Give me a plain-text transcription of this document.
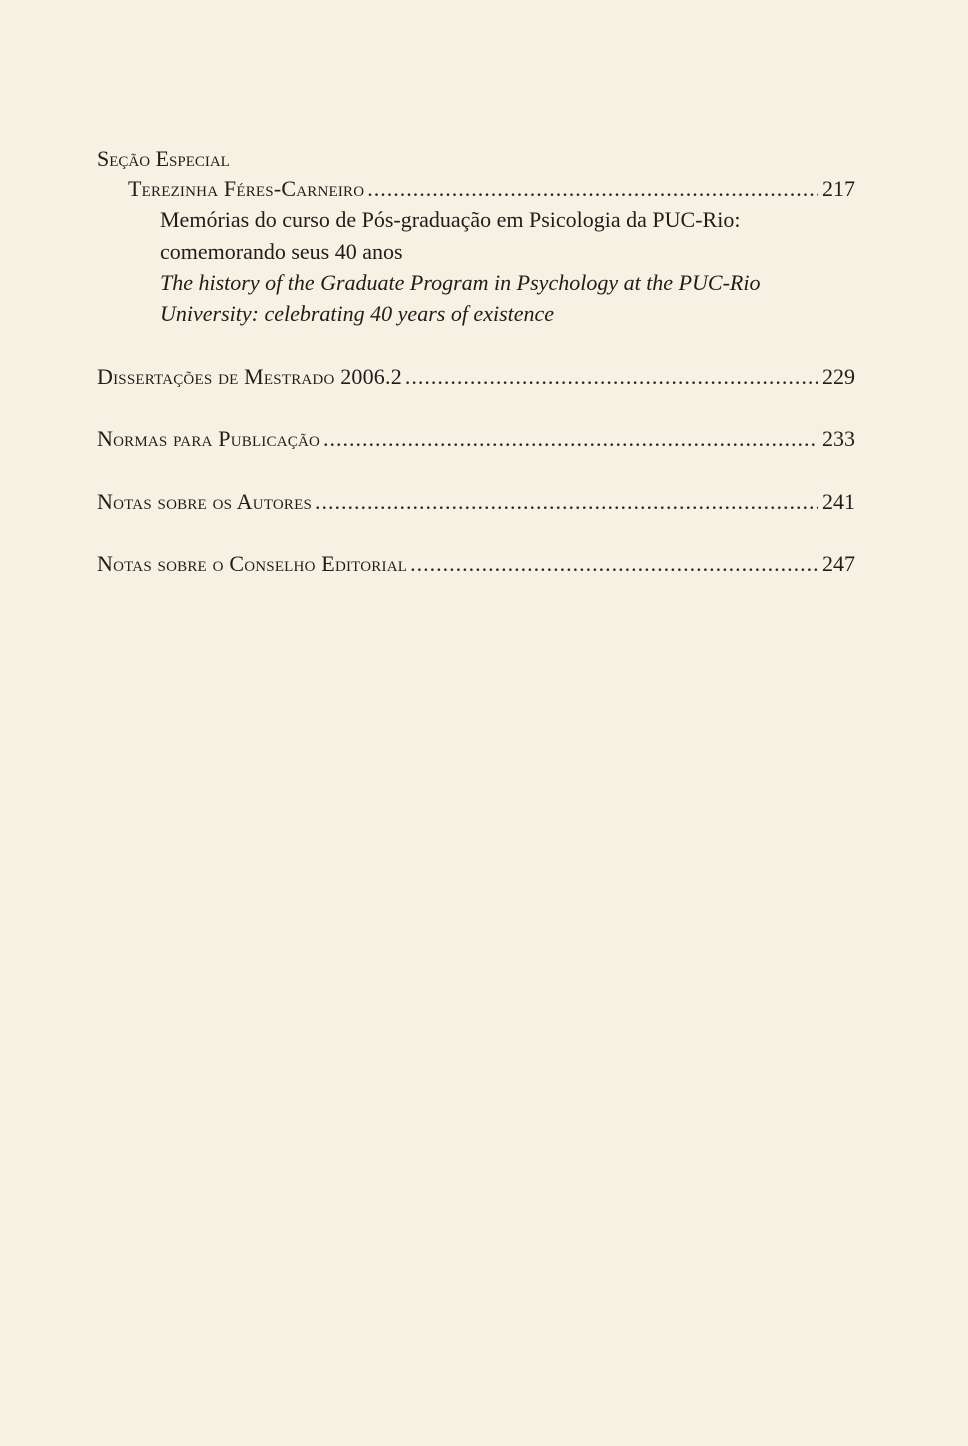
Seção Especial
Terezinha Féres-Carneiro .....	217
Memórias do curso de Pós-graduação em Psicologia da PUC-Rio:
comemorando seus 40 anos
The history of the Graduate Program in Psychology at the PUC-Rio
University: celebrating 40 years of existence
Dissertações de Mestrado 2006.2 .....	229
Normas para Publicação .....	233
Notas sobre os Autores .....	241
Notas sobre o Conselho Editorial .....	247
